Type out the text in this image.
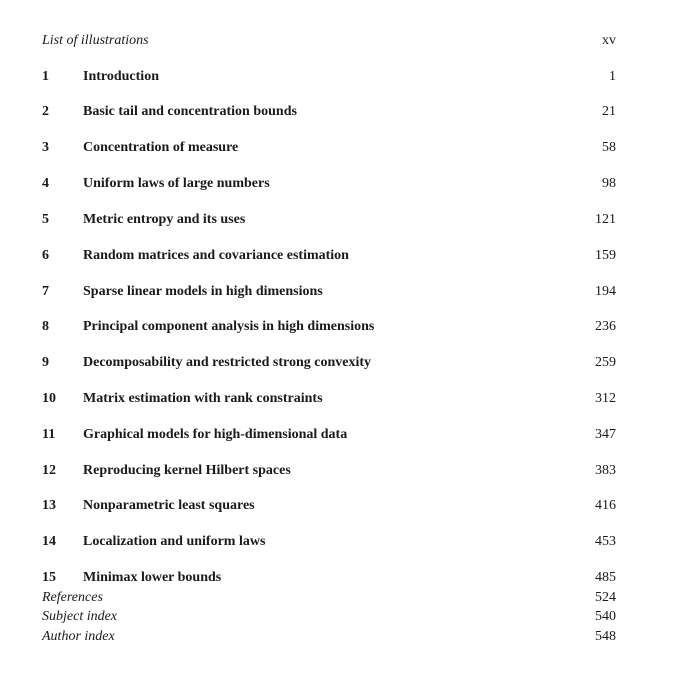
List of illustrations	xv
1	Introduction	1
2	Basic tail and concentration bounds	21
3	Concentration of measure	58
4	Uniform laws of large numbers	98
5	Metric entropy and its uses	121
6	Random matrices and covariance estimation	159
7	Sparse linear models in high dimensions	194
8	Principal component analysis in high dimensions	236
9	Decomposability and restricted strong convexity	259
10	Matrix estimation with rank constraints	312
11	Graphical models for high-dimensional data	347
12	Reproducing kernel Hilbert spaces	383
13	Nonparametric least squares	416
14	Localization and uniform laws	453
15	Minimax lower bounds	485
References	524
Subject index	540
Author index	548
